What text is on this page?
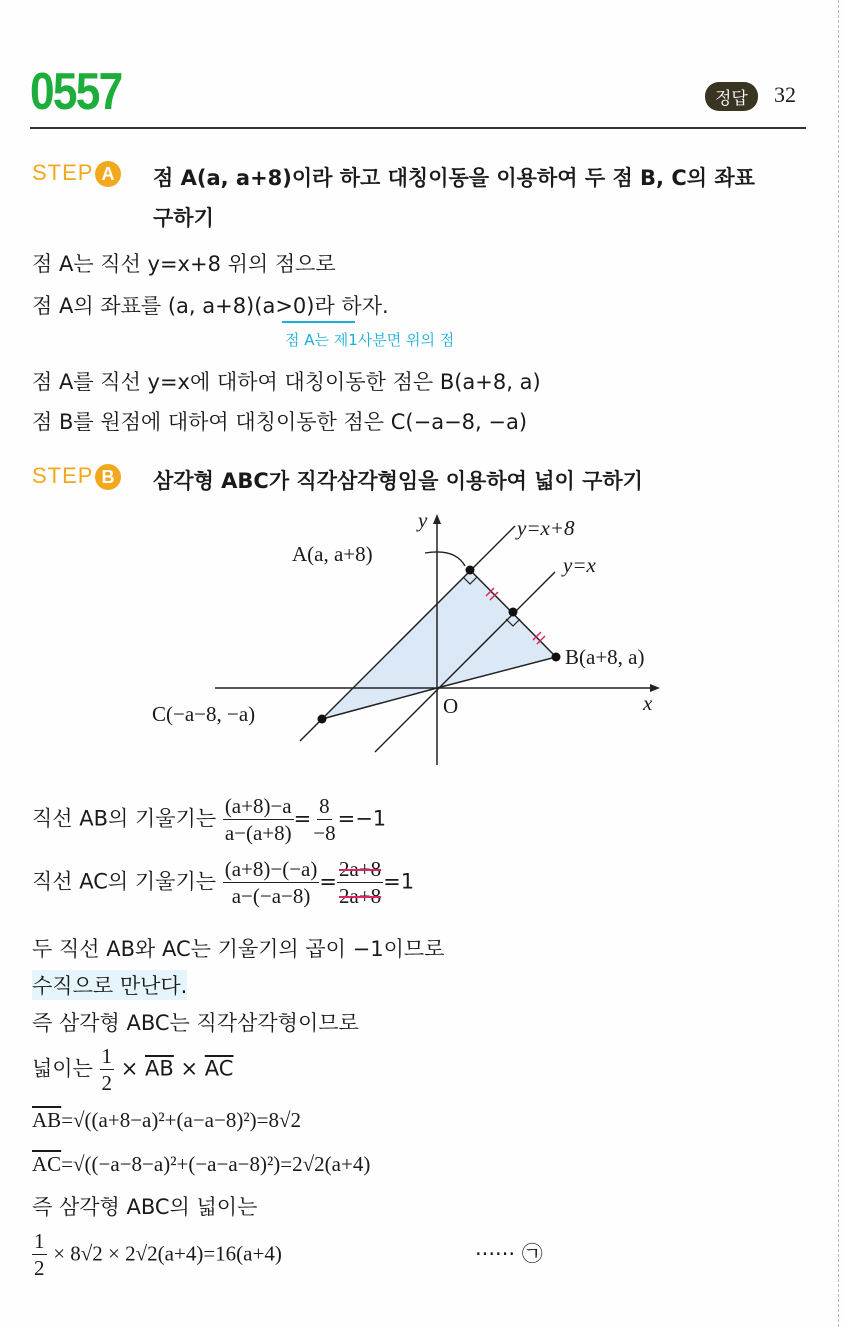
0557	정답	32
STEP A 점 A(a, a+8)이라 하고 대칭이동을 이용하여 두 점 B, C의 좌표
구하기
점 A는 직선 y=x+8 위의 점으로
점 A의 좌표를 (a, a+8)(a>0)라 하자.
점 A는 제1사분면 위의 점
점 A를 직선 y=x에 대하여 대칭이동한 점은 B(a+8, a)
점 B를 원점에 대하여 대칭이동한 점은 C(−a−8, −a)
STEP B 삼각형 ABC가 직각삼각형임을 이용하여 넓이 구하기
A(a, a+8)
B(a+8, a)
C(−a−8, −a)	O	x
y	y=x+8
y=x
직선 AB의 기울기는 $\frac{(a+8)-a}{a-(a+8)} = \frac{8}{-8} =-1$
직선 AC의 기울기는 $\frac{(a+8)-(-a)}{a-(-a-8)} = \frac{2a+8}{2a+8} =1$
두 직선 AB와 AC는 기울기의 곱이 −1이므로
수직으로 만난다.
즉 삼각형 ABC는 직각삼각형이므로
넓이는 $\frac{1}{2} \times \overline{AB} \times \overline{AC}$
$\overline{AB}=√((a+8-a)^2+(a-a-8)^2)=8√2$
$\overline{AC}=√((-a-8-a)^2+(-a-a-8)^2)=2√2(a+4)$
즉 삼각형 ABC의 넓이는
$\frac{1}{2} \times 8√2 \times 2√2(a+4)=16(a+4)$	······ ㉠
